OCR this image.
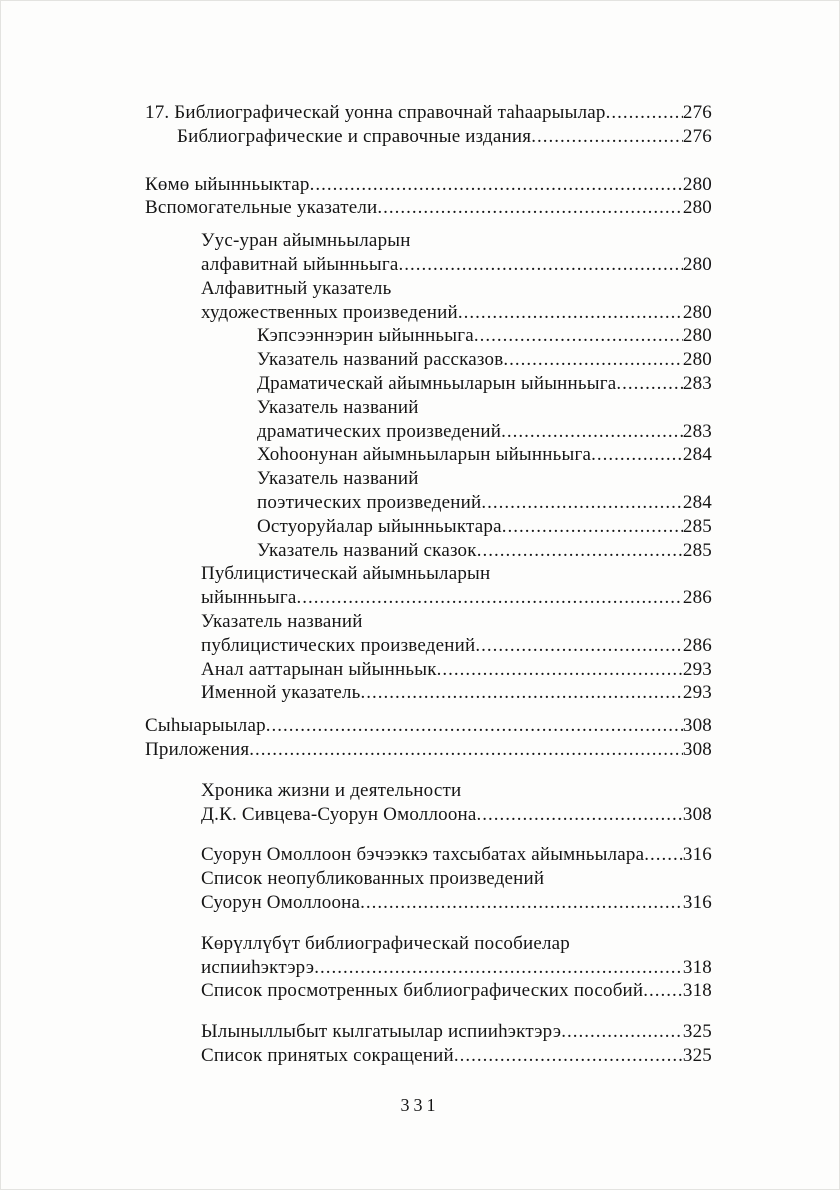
17. Библиографическай уонна справочнай таһаарыылар .....	276
Библиографические и справочные издания .....	276
Көмө ыйынньыктар .....	280
Вспомогательные указатели .....	280
Уус-уран айымньыларын
алфавитнай ыйынньыга .....	280
Алфавитный указатель
художественных произведений .....	280
Кэпсээннэрин ыйынньыга .....	280
Указатель названий рассказов .....	280
Драматическай айымньыларын ыйынньыга .....	283
Указатель названий
драматических произведений .....	283
Хоһоонунан айымньыларын ыйынньыга .....	284
Указатель названий
поэтических произведений .....	284
Остуоруйалар ыйынньыктара .....	285
Указатель названий сказок .....	285
Публицистическай айымньыларын
ыйынньыга .....	286
Указатель названий
публицистических произведений .....	286
Анал ааттарынан ыйынньык .....	293
Именной указатель .....	293
Сыһыарыылар .....	308
Приложения .....	308
Хроника жизни и деятельности
Д.К. Сивцева-Суорун Омоллоона .....	308
Суорун Омоллоон бэчээккэ тахсыбатах айымньылара ..... 316
Список неопубликованных произведений
Суорун Омоллоона .....	316
Көрүллүбүт библиографическай пособиелар
испииһэктэрэ .....	318
Список просмотренных библиографических пособий ..... 318
Ылыныллыбыт кылгатыылар испииһэктэрэ .....	325
Список принятых сокращений .....	325
331
